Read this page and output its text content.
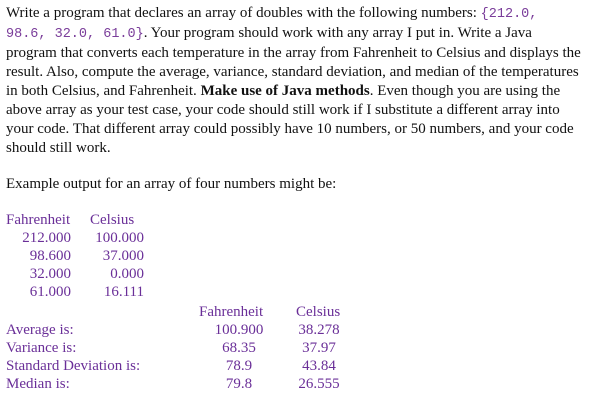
Write a program that declares an array of doubles with the following numbers: {212.0, 98.6, 32.0, 61.0}. Your program should work with any array I put in. Write a Java program that converts each temperature in the array from Fahrenheit to Celsius and displays the result. Also, compute the average, variance, standard deviation, and median of the temperatures in both Celsius, and Fahrenheit. Make use of Java methods. Even though you are using the above array as your test case, your code should still work if I substitute a different array into your code. That different array could possibly have 10 numbers, or 50 numbers, and your code should still work.
Example output for an array of four numbers might be:
Fahrenheit Celsius
212.000 100.000
98.600 37.000
32.000	0.000
61.000 16.111
Fahrenheit Celsius
Average is:	100.900	38.278
Variance is:	68.35	37.97
Standard Deviation is:	78.9	43.84
Median is:	79.8	26.555
